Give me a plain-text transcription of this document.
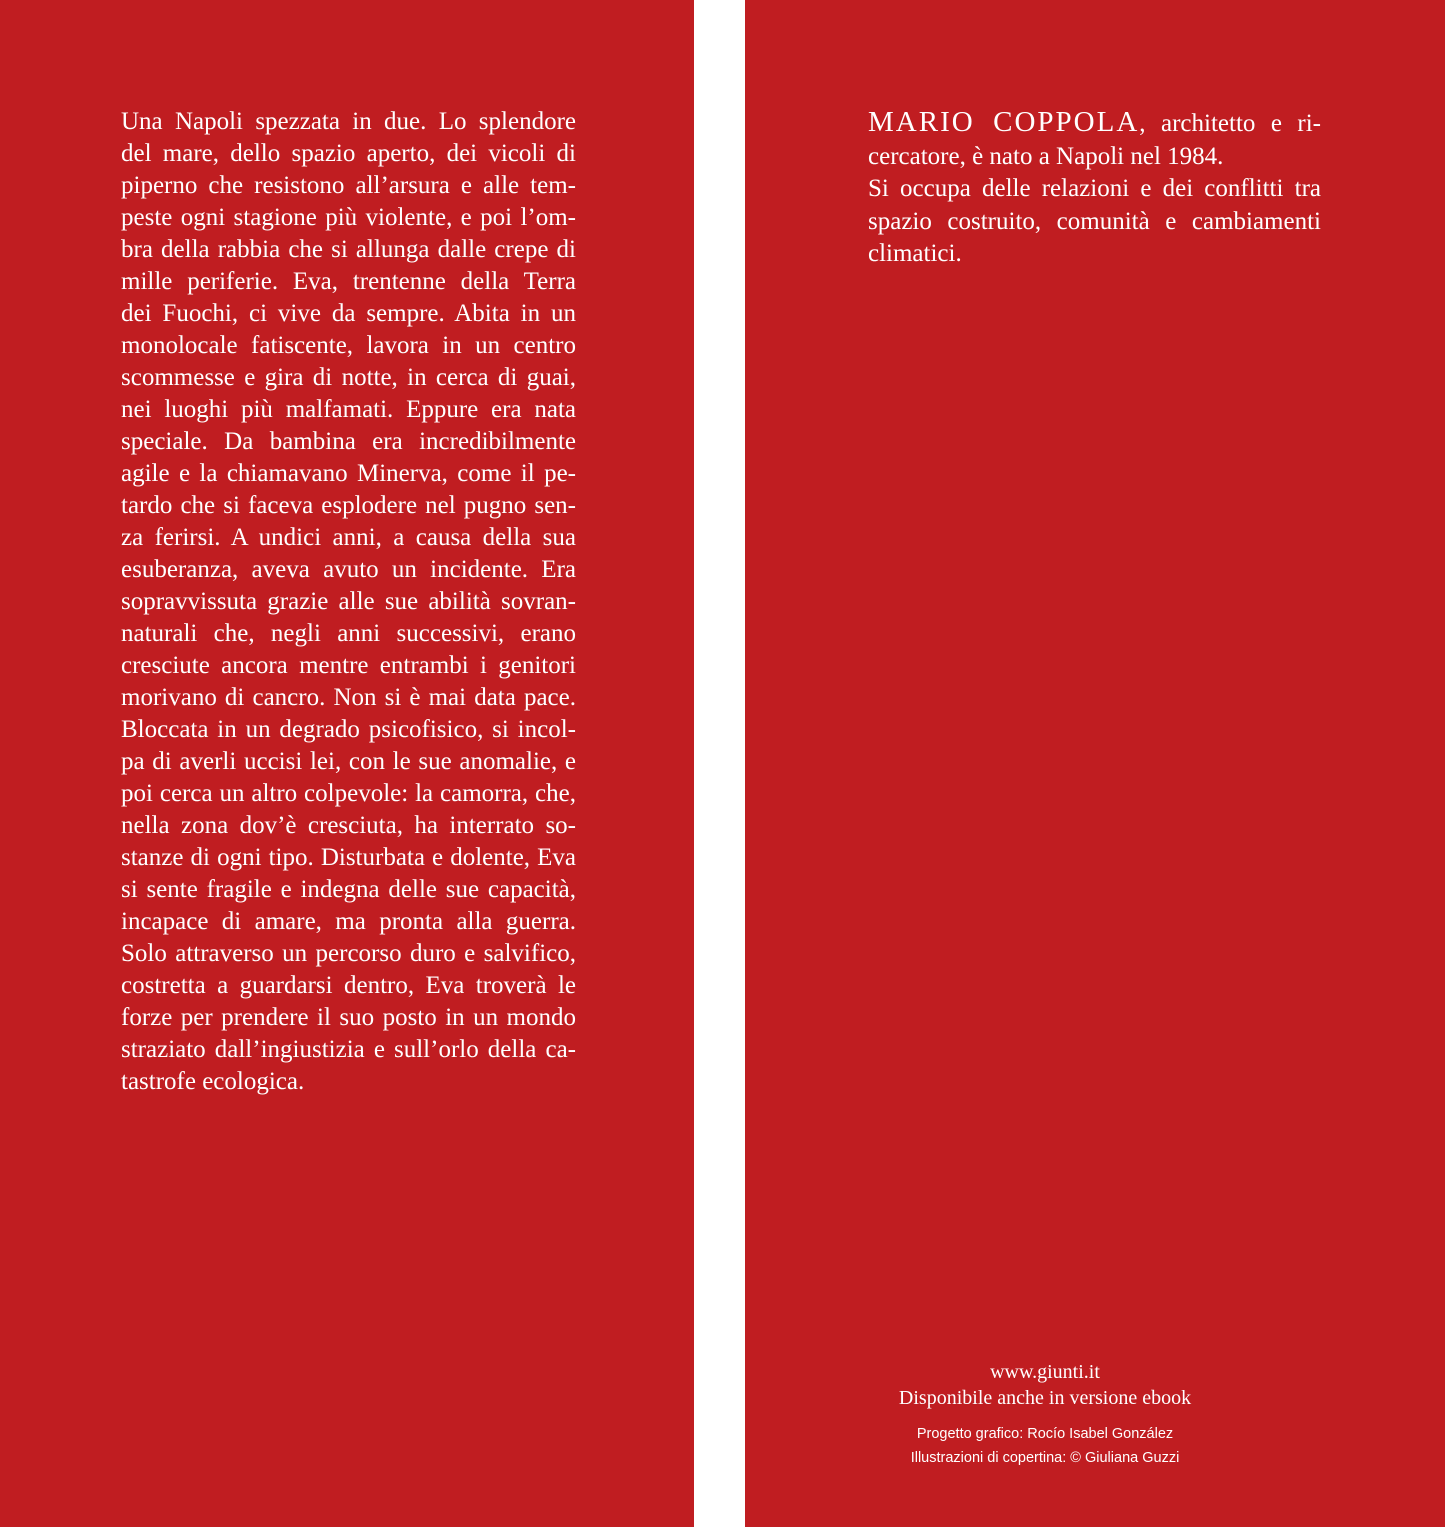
Una Napoli spezzata in due. Lo splendore
del mare, dello spazio aperto, dei vicoli di
piperno che resistono all’arsura e alle tem-
peste ogni stagione più violente, e poi l’om-
bra della rabbia che si allunga dalle crepe di
mille periferie. Eva, trentenne della Terra
dei Fuochi, ci vive da sempre. Abita in un
monolocale fatiscente, lavora in un centro
scommesse e gira di notte, in cerca di guai,
nei luoghi più malfamati. Eppure era nata
speciale. Da bambina era incredibilmente
agile e la chiamavano Minerva, come il pe-
tardo che si faceva esplodere nel pugno sen-
za ferirsi. A undici anni, a causa della sua
esuberanza, aveva avuto un incidente. Era
sopravvissuta grazie alle sue abilità sovran-
naturali che, negli anni successivi, erano
cresciute ancora mentre entrambi i genitori
morivano di cancro. Non si è mai data pace.
Bloccata in un degrado psicofisico, si incol-
pa di averli uccisi lei, con le sue anomalie, e
poi cerca un altro colpevole: la camorra, che,
nella zona dov’è cresciuta, ha interrato so-
stanze di ogni tipo. Disturbata e dolente, Eva
si sente fragile e indegna delle sue capacità,
incapace di amare, ma pronta alla guerra.
Solo attraverso un percorso duro e salvifico,
costretta a guardarsi dentro, Eva troverà le
forze per prendere il suo posto in un mondo
straziato dall’ingiustizia e sull’orlo della ca-
tastrofe ecologica.
MARIO COPPOLA, architetto e ri-
cercatore, è nato a Napoli nel 1984.
Si occupa delle relazioni e dei conflitti tra
spazio costruito, comunità e cambiamenti
climatici.
www.giunti.it
Disponibile anche in versione ebook
Progetto grafico: Rocío Isabel González
Illustrazioni di copertina: © Giuliana Guzzi
